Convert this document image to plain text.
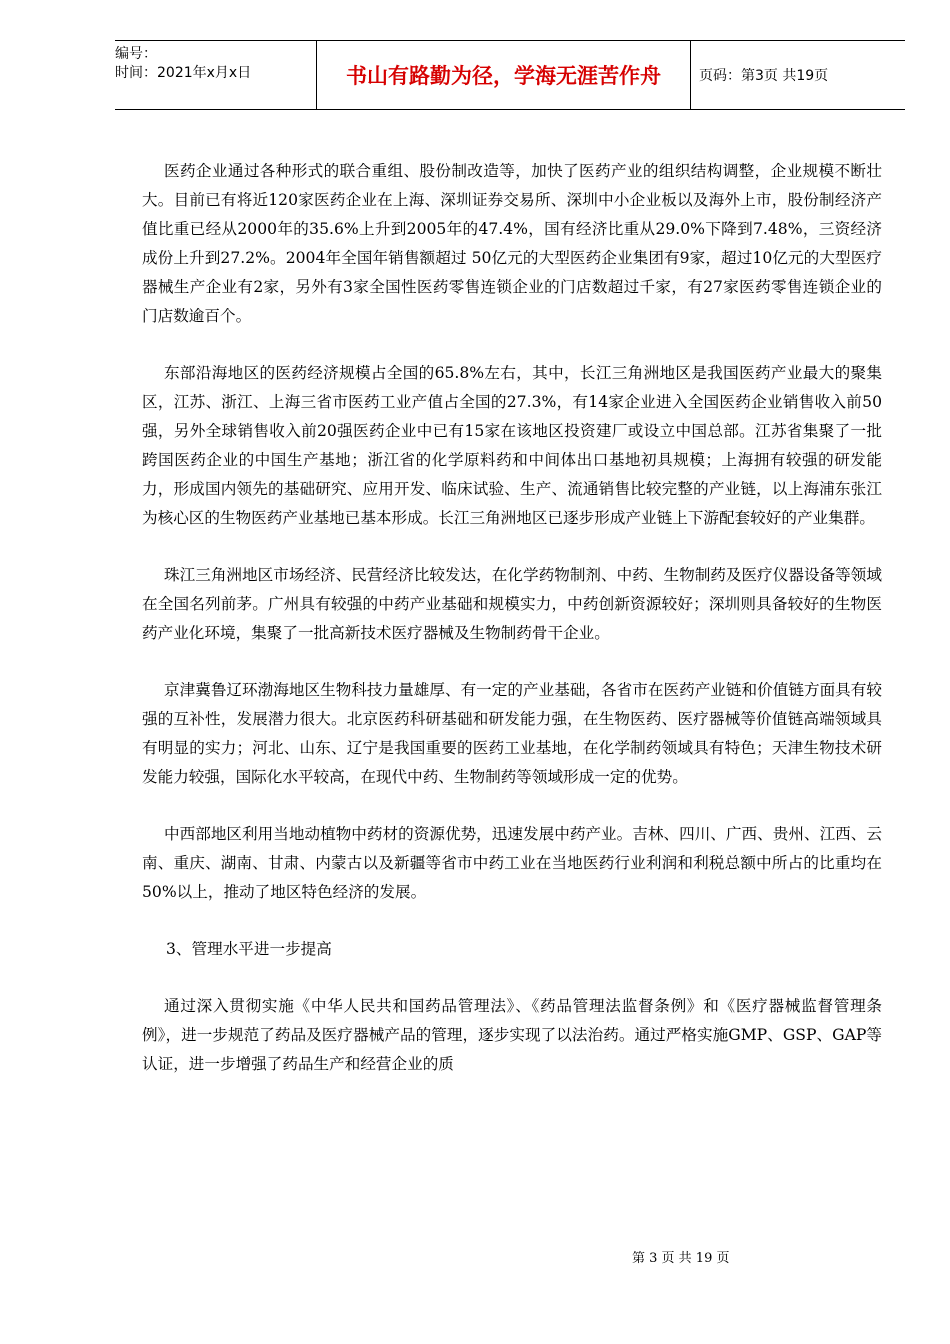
编号：
时间：2021年x月x日	书山有路勤为径，学海无涯苦作舟	页码：第3页 共19页

医药企业通过各种形式的联合重组、股份制改造等，加快了医药产业的组织结构调整，企业规模不断壮大。目前已有将近120家医药企业在上海、深圳证券交易所、深圳中小企业板以及海外上市，股份制经济产值比重已经从2000年的35.6%上升到2005年的47.4%，国有经济比重从29.0%下降到7.48%，三资经济成份上升到27.2%。2004年全国年销售额超过 50亿元的大型医药企业集团有9家，超过10亿元的大型医疗器械生产企业有2家，另外有3家全国性医药零售连锁企业的门店数超过千家，有27家医药零售连锁企业的门店数逾百个。

东部沿海地区的医药经济规模占全国的65.8%左右，其中，长江三角洲地区是我国医药产业最大的聚集区，江苏、浙江、上海三省市医药工业产值占全国的27.3%，有14家企业进入全国医药企业销售收入前50强，另外全球销售收入前20强医药企业中已有15家在该地区投资建厂或设立中国总部。江苏省集聚了一批跨国医药企业的中国生产基地；浙江省的化学原料药和中间体出口基地初具规模；上海拥有较强的研发能力，形成国内领先的基础研究、应用开发、临床试验、生产、流通销售比较完整的产业链，以上海浦东张江为核心区的生物医药产业基地已基本形成。长江三角洲地区已逐步形成产业链上下游配套较好的产业集群。

珠江三角洲地区市场经济、民营经济比较发达，在化学药物制剂、中药、生物制药及医疗仪器设备等领域在全国名列前茅。广州具有较强的中药产业基础和规模实力，中药创新资源较好；深圳则具备较好的生物医药产业化环境，集聚了一批高新技术医疗器械及生物制药骨干企业。

京津冀鲁辽环渤海地区生物科技力量雄厚、有一定的产业基础，各省市在医药产业链和价值链方面具有较强的互补性，发展潜力很大。北京医药科研基础和研发能力强，在生物医药、医疗器械等价值链高端领域具有明显的实力；河北、山东、辽宁是我国重要的医药工业基地，在化学制药领域具有特色；天津生物技术研发能力较强，国际化水平较高，在现代中药、生物制药等领域形成一定的优势。

中西部地区利用当地动植物中药材的资源优势，迅速发展中药产业。吉林、四川、广西、贵州、江西、云南、重庆、湖南、甘肃、内蒙古以及新疆等省市中药工业在当地医药行业利润和利税总额中所占的比重均在50%以上，推动了地区特色经济的发展。

3、管理水平进一步提高

通过深入贯彻实施《中华人民共和国药品管理法》、《药品管理法监督条例》和《医疗器械监督管理条例》，进一步规范了药品及医疗器械产品的管理，逐步实现了以法治药。通过严格实施GMP、GSP、GAP等认证，进一步增强了药品生产和经营企业的质

第 3 页 共 19 页
